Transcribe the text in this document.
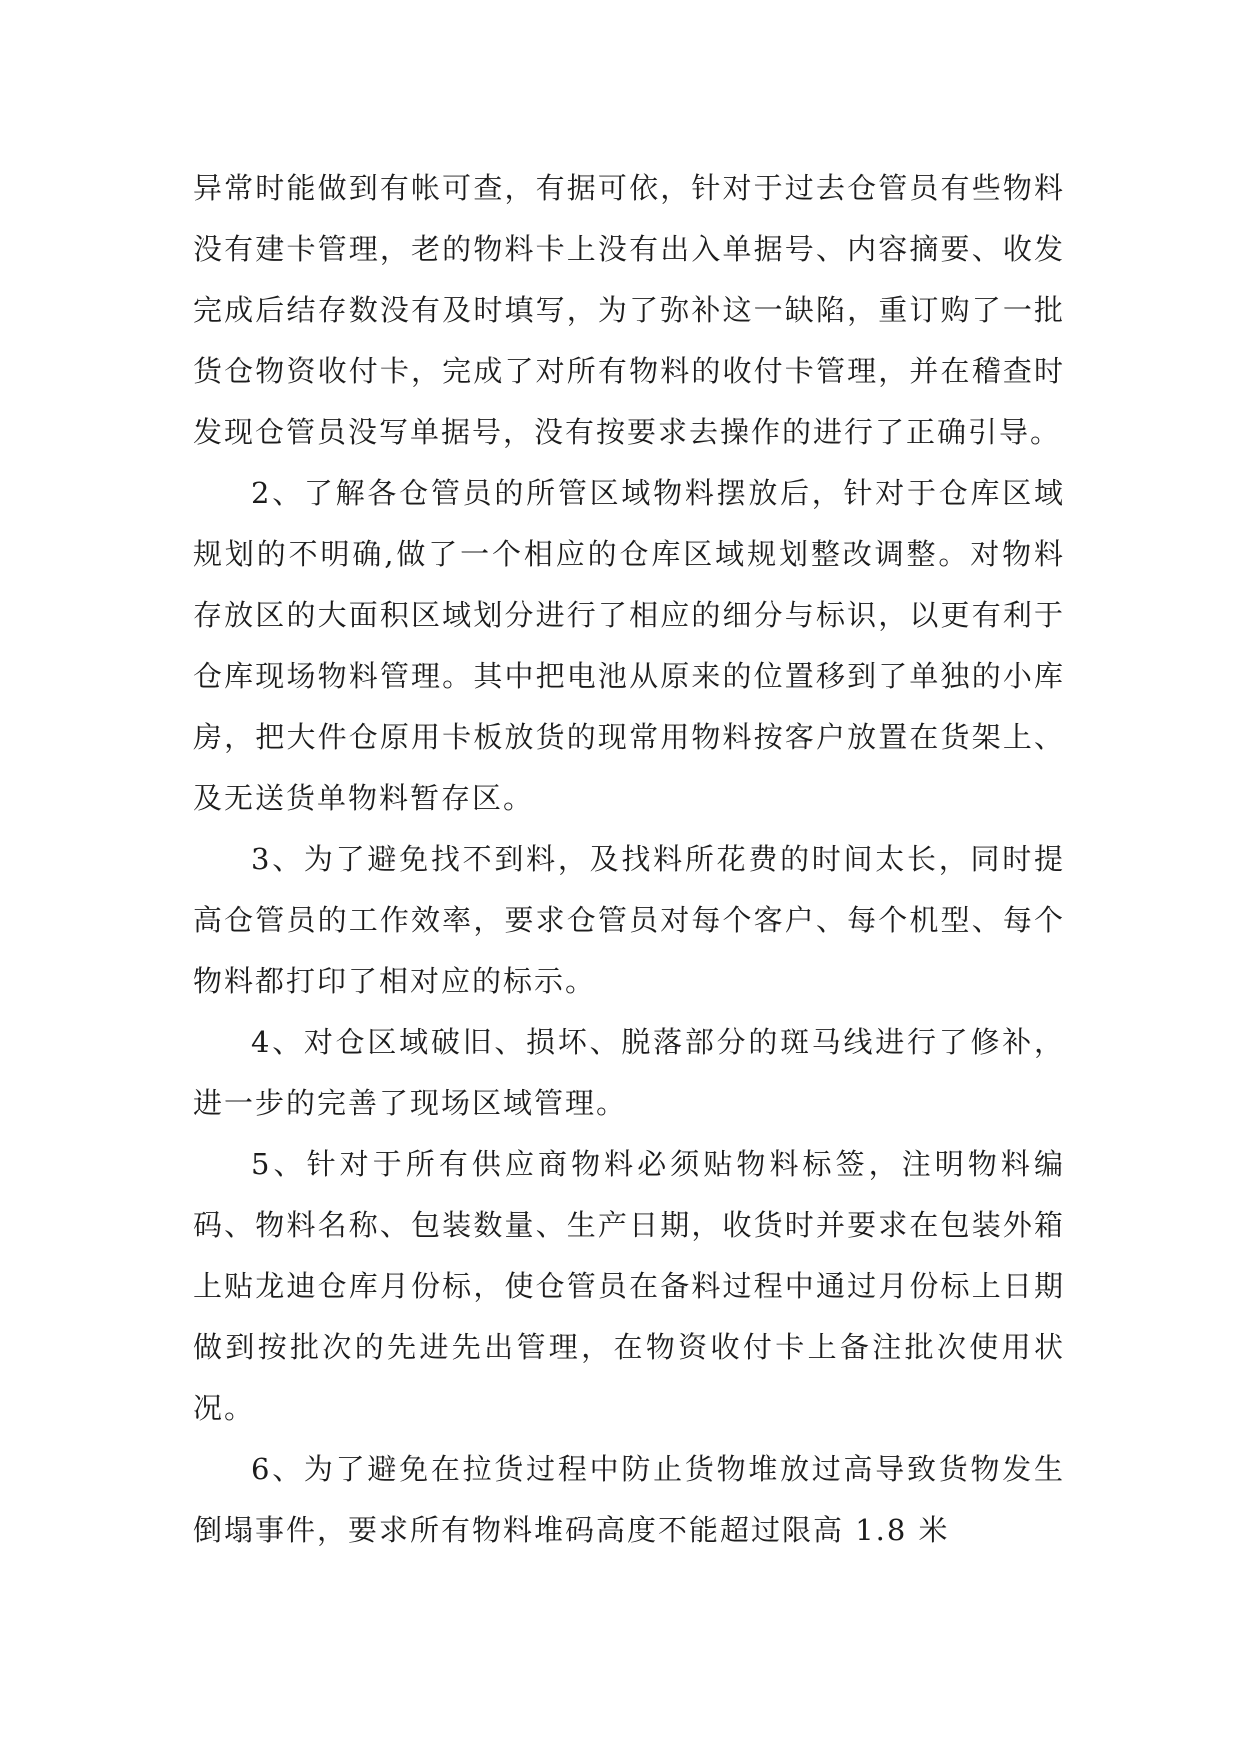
异常时能做到有帐可查，有据可依，针对于过去仓管员有些物料没有建卡管理，老的物料卡上没有出入单据号、内容摘要、收发完成后结存数没有及时填写，为了弥补这一缺陷，重订购了一批货仓物资收付卡，完成了对所有物料的收付卡管理，并在稽查时发现仓管员没写单据号，没有按要求去操作的进行了正确引导。

2、了解各仓管员的所管区域物料摆放后，针对于仓库区域规划的不明确,做了一个相应的仓库区域规划整改调整。对物料存放区的大面积区域划分进行了相应的细分与标识，以更有利于仓库现场物料管理。其中把电池从原来的位置移到了单独的小库房，把大件仓原用卡板放货的现常用物料按客户放置在货架上、及无送货单物料暂存区。

3、为了避免找不到料，及找料所花费的时间太长，同时提高仓管员的工作效率，要求仓管员对每个客户、每个机型、每个物料都打印了相对应的标示。

4、对仓区域破旧、损坏、脱落部分的斑马线进行了修补，进一步的完善了现场区域管理。

5、针对于所有供应商物料必须贴物料标签，注明物料编码、物料名称、包装数量、生产日期，收货时并要求在包装外箱上贴龙迪仓库月份标，使仓管员在备料过程中通过月份标上日期做到按批次的先进先出管理，在物资收付卡上备注批次使用状况。

6、为了避免在拉货过程中防止货物堆放过高导致货物发生倒塌事件，要求所有物料堆码高度不能超过限高 1.8 米
